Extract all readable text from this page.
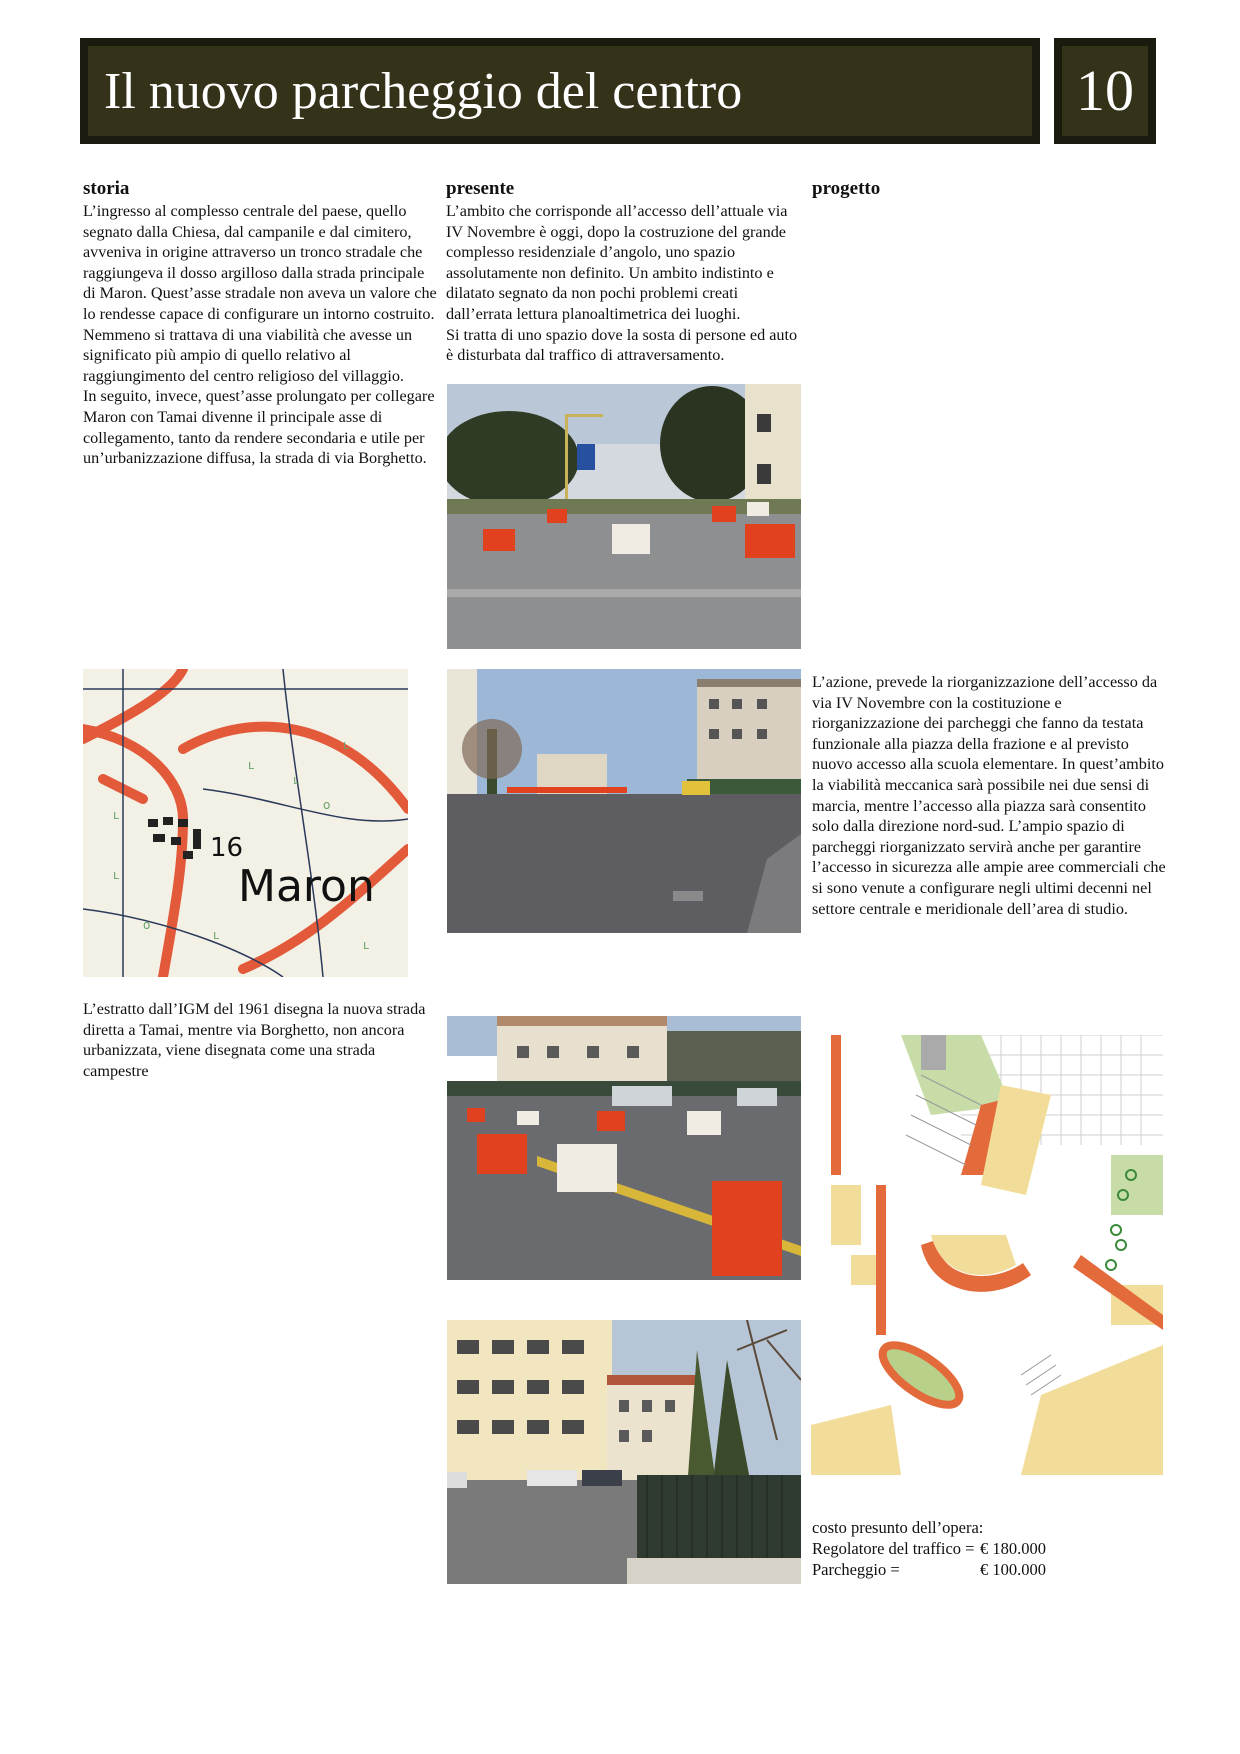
Il nuovo parcheggio del centro	10
storia	presente	progetto

L’ingresso al complesso centrale del paese, quello segnato dalla Chiesa, dal campanile e dal cimitero, avveniva in origine attraverso un tronco stradale che raggiungeva il dosso argilloso dalla strada principale di Maron. Quest’asse stradale non aveva un valore che lo rendesse capace di configurare un intorno costruito. Nemmeno si trattava di una viabilità che avesse un significato più ampio di quello relativo al raggiungimento del centro religioso del villaggio.

In seguito, invece, quest’asse prolungato per collegare Maron con Tamai divenne il principale asse di collegamento, tanto da rendere secondaria e utile per un’urbanizzazione diffusa, la strada di via Borghetto.

L’ambito che corrisponde all’accesso dell’attuale via IV Novembre è oggi, dopo la costruzione del grande complesso residenziale d’angolo, uno spazio assolutamente non definito. Un ambito indistinto e dilatato segnato da non pochi problemi creati dall’errata lettura planoaltimetrica dei luoghi.

Si tratta di uno spazio dove la sosta di persone ed auto è disturbata dal traffico di attraversamento.

ʟ
ʟ
ʟ
ʟ
ʟ
ʟ
ʟ
o
o
16
Maron

L’azione, prevede la riorganizzazione dell’accesso da via IV Novembre con la costituzione e riorganizzazione dei parcheggi che fanno da testata funzionale alla piazza della frazione e al previsto nuovo accesso alla scuola elementare. In quest’ambito la viabilità meccanica sarà possibile nei due sensi di marcia, mentre l’accesso alla piazza sarà consentito solo dalla direzione nord-sud. L’ampio spazio di parcheggi riorganizzato servirà anche per garantire l’accesso in sicurezza alle ampie aree commerciali che si sono venute a configurare negli ultimi decenni nel settore centrale e meridionale dell’area di studio.

L’estratto dall’IGM del 1961 disegna la nuova strada diretta a Tamai, mentre via Borghetto, non ancora urbanizzata, viene disegnata come una strada campestre
costo presunto dell’opera:
Regolatore del traffico = € 180.000
Parcheggio =	€ 100.000
